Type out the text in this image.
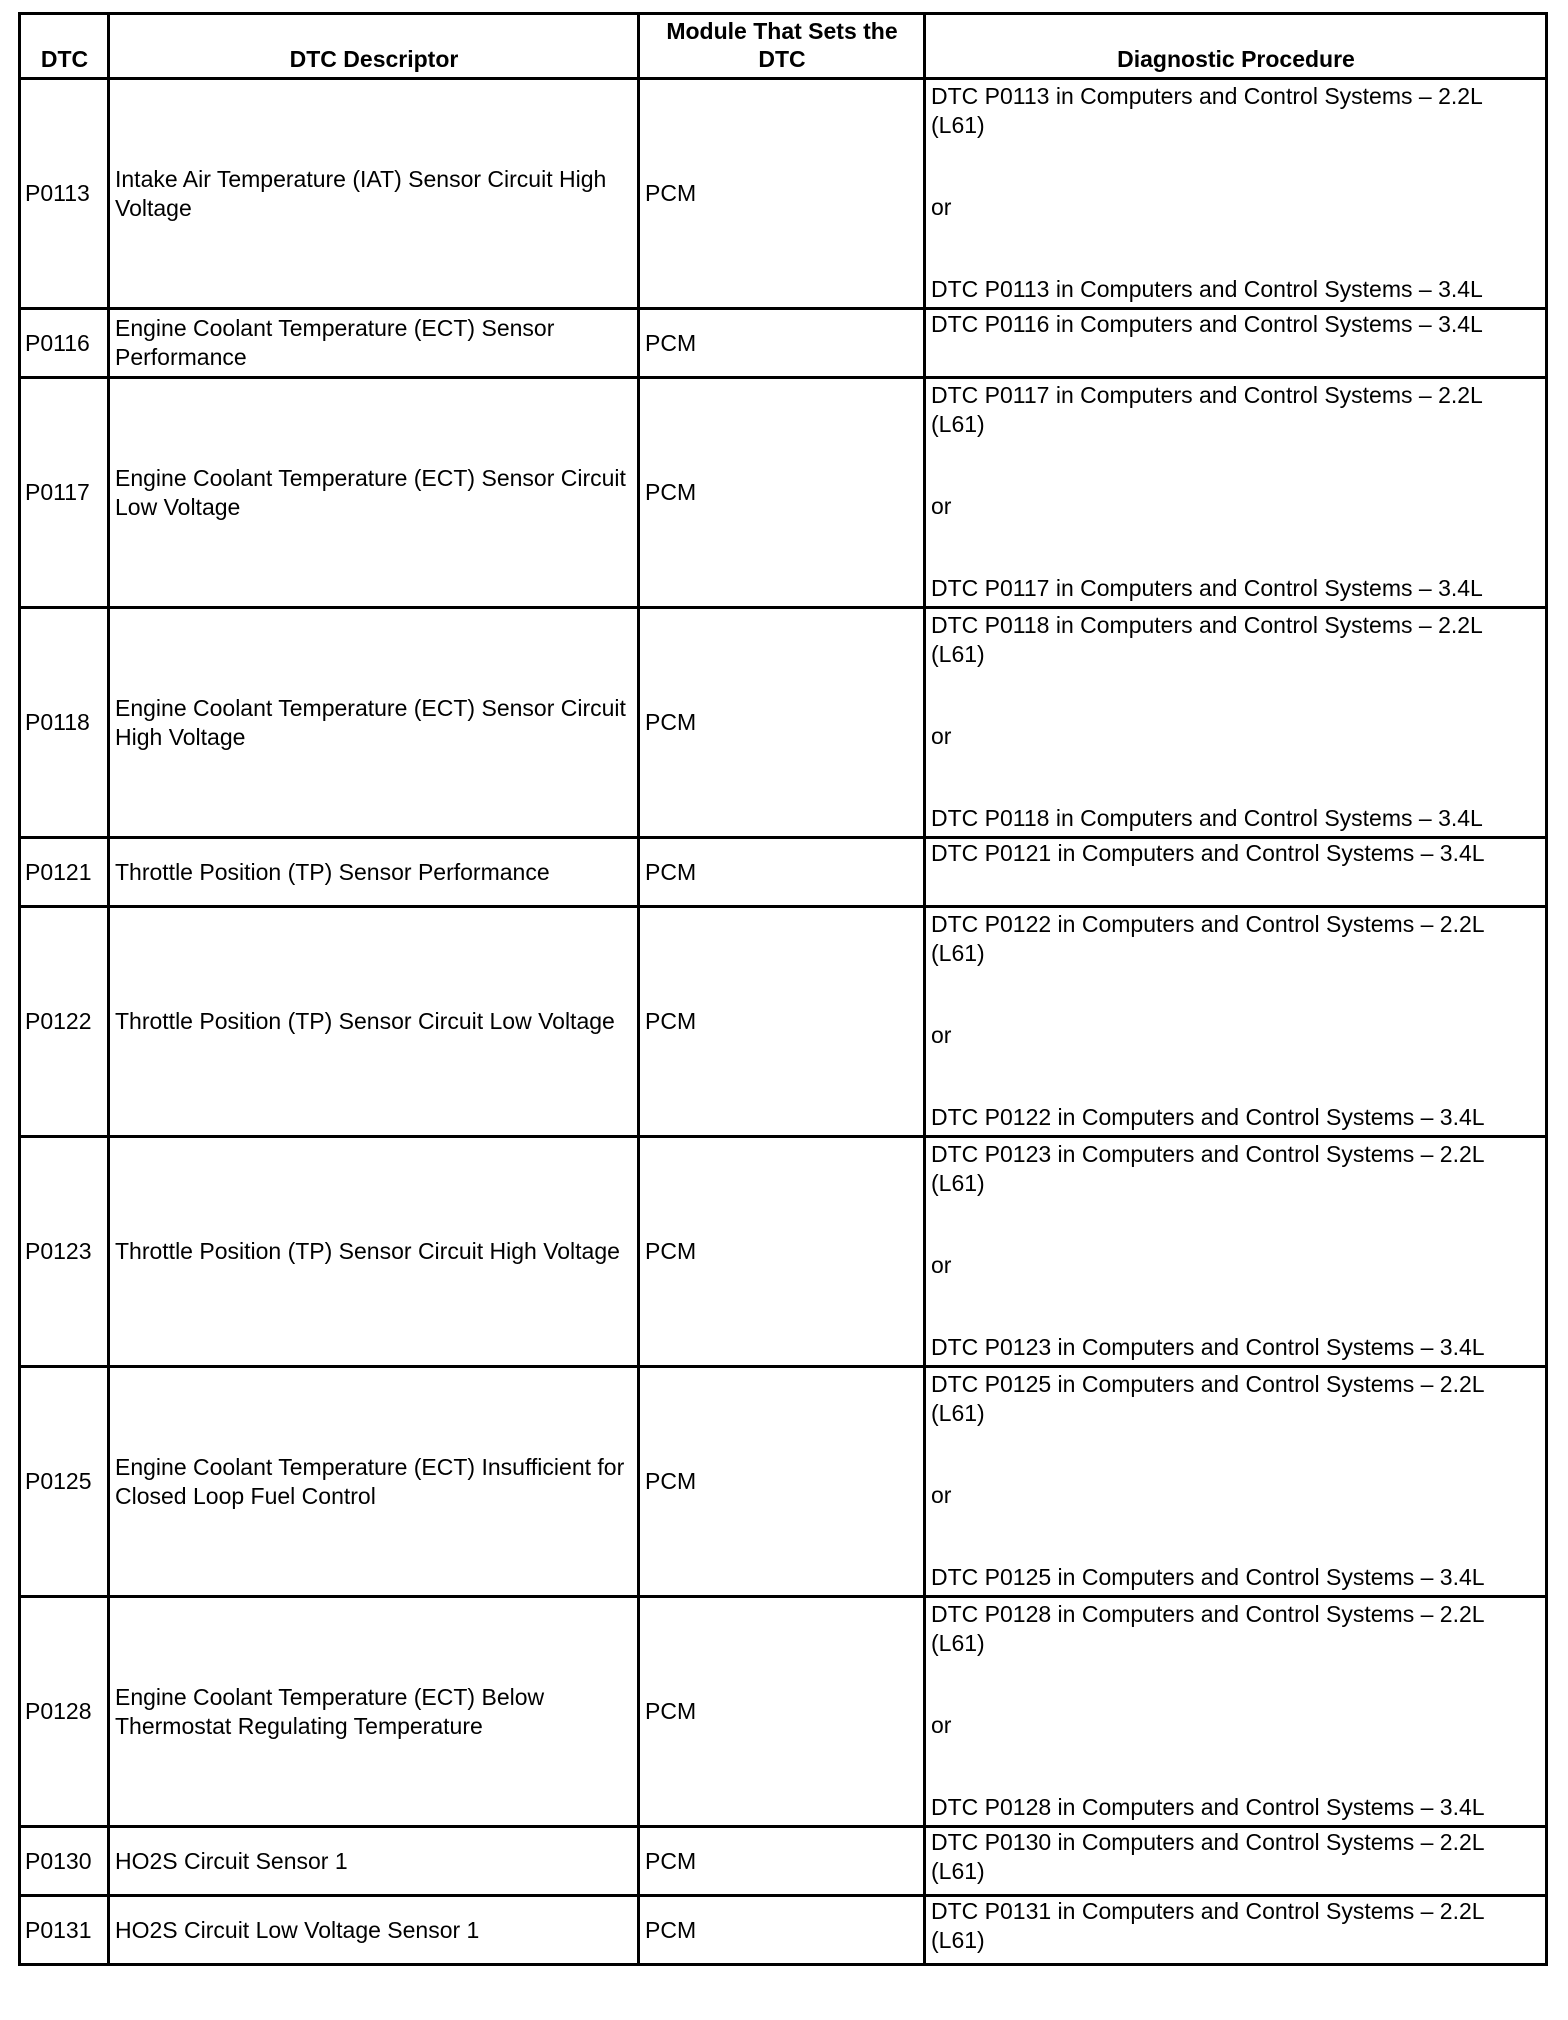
DTC	DTC Descriptor	Module That Sets the DTC	Diagnostic Procedure
P0113	Intake Air Temperature (IAT) Sensor Circuit High Voltage	PCM	DTC P0113 in Computers and Control Systems – 2.2L (L61)
or
DTC P0113 in Computers and Control Systems – 3.4L

P0116	Engine Coolant Temperature (ECT) Sensor Performance	PCM	DTC P0116 in Computers and Control Systems – 3.4L

P0117	Engine Coolant Temperature (ECT) Sensor Circuit Low Voltage	PCM	DTC P0117 in Computers and Control Systems – 2.2L (L61)
or
DTC P0117 in Computers and Control Systems – 3.4L

P0118	Engine Coolant Temperature (ECT) Sensor Circuit High Voltage	PCM	DTC P0118 in Computers and Control Systems – 2.2L (L61)
or
DTC P0118 in Computers and Control Systems – 3.4L

P0121	Throttle Position (TP) Sensor Performance	PCM	DTC P0121 in Computers and Control Systems – 3.4L

P0122	Throttle Position (TP) Sensor Circuit Low Voltage	PCM	DTC P0122 in Computers and Control Systems – 2.2L (L61)
or
DTC P0122 in Computers and Control Systems – 3.4L

P0123	Throttle Position (TP) Sensor Circuit High Voltage	PCM	DTC P0123 in Computers and Control Systems – 2.2L (L61)
or
DTC P0123 in Computers and Control Systems – 3.4L

P0125	Engine Coolant Temperature (ECT) Insufficient for Closed Loop Fuel Control	PCM	DTC P0125 in Computers and Control Systems – 2.2L (L61)
or
DTC P0125 in Computers and Control Systems – 3.4L

P0128	Engine Coolant Temperature (ECT) Below Thermostat Regulating Temperature	PCM	DTC P0128 in Computers and Control Systems – 2.2L (L61)
or
DTC P0128 in Computers and Control Systems – 3.4L

P0130	HO2S Circuit Sensor 1	PCM	DTC P0130 in Computers and Control Systems – 2.2L (L61)

P0131	HO2S Circuit Low Voltage Sensor 1	PCM	DTC P0131 in Computers and Control Systems – 2.2L (L61)
